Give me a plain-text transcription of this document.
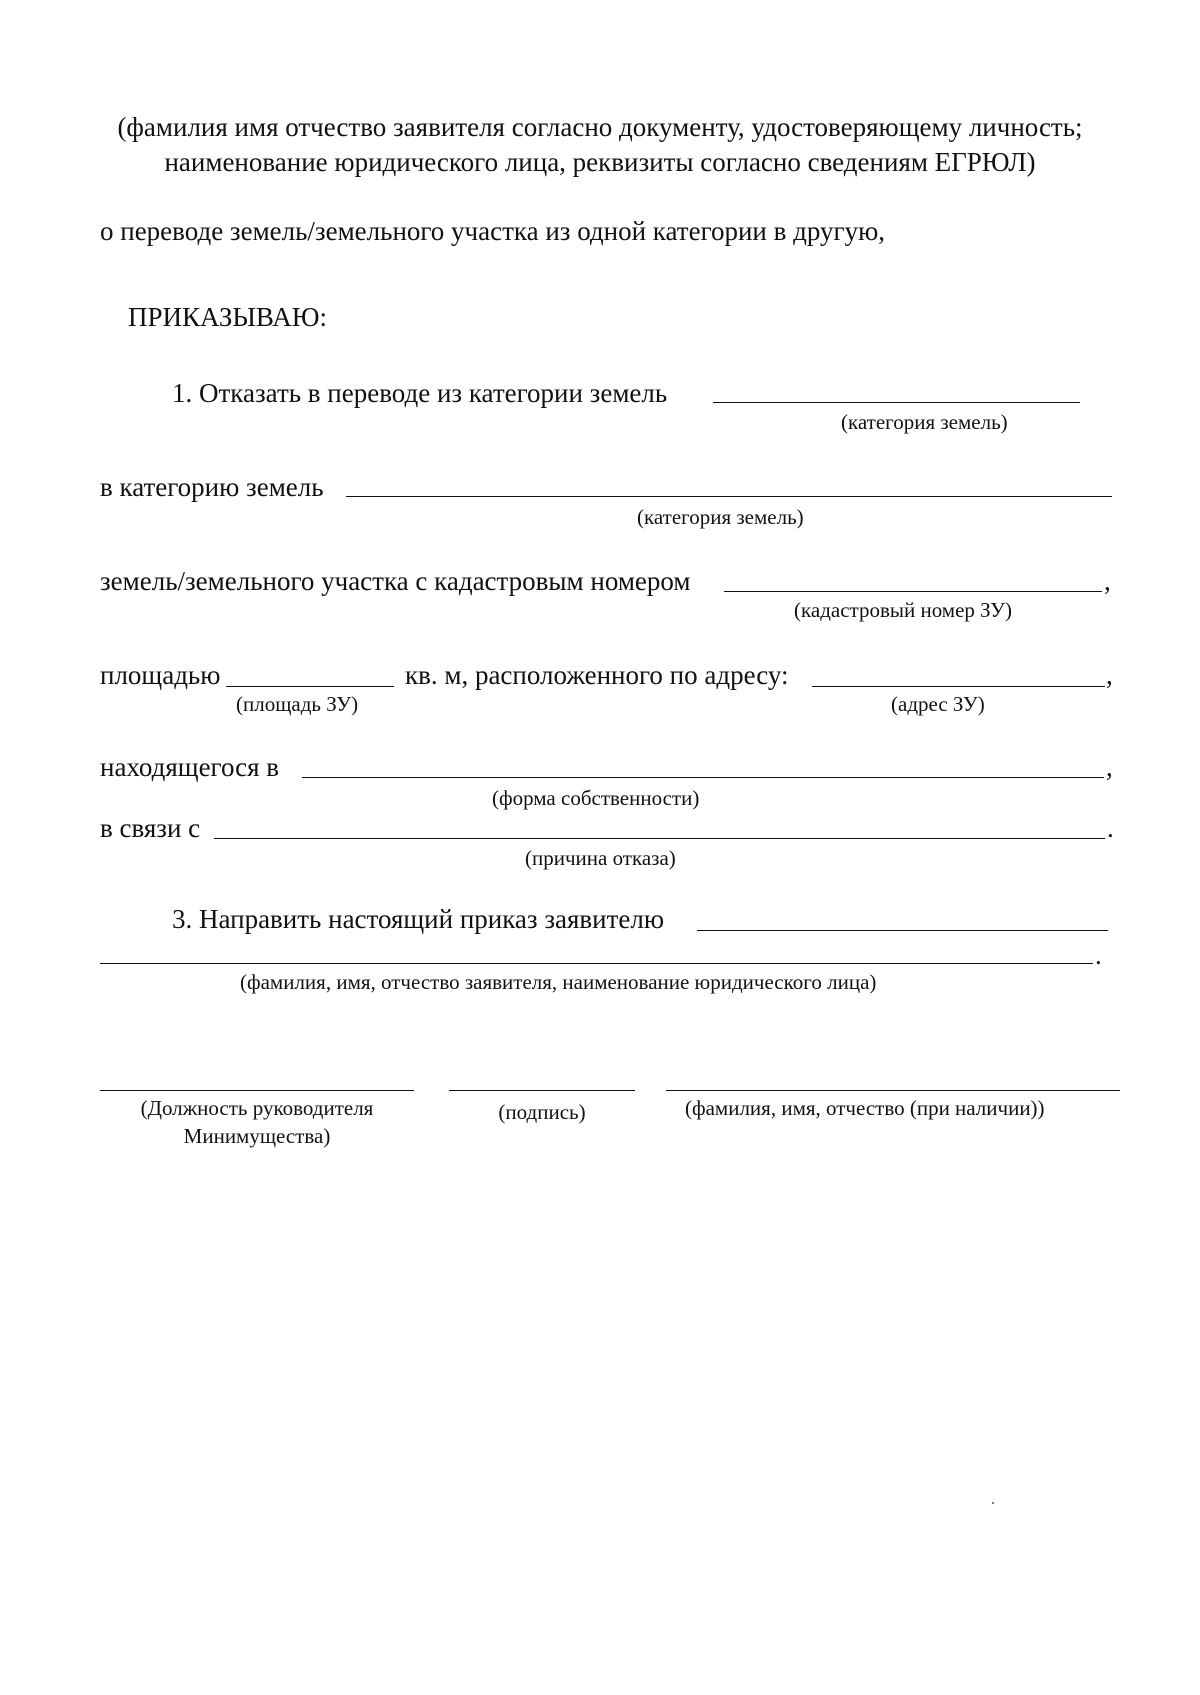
(фамилия имя отчество заявителя согласно документу, удостоверяющему личность;
наименование юридического лица, реквизиты согласно сведениям ЕГРЮЛ)
о переводе земель/земельного участка из одной категории в другую,
ПРИКАЗЫВАЮ:
1. Отказать в переводе из категории земель
(категория земель)
в категорию земель
(категория земель)
земель/земельного участка с кадастровым номером	,
(кадастровый номер ЗУ)
площадью	кв. м, расположенного по адресу:	,
(площадь ЗУ)	(адрес ЗУ)
находящегося в	,
(форма собственности)
в связи с	.
(причина отказа)
3. Направить настоящий приказ заявителю
.
(фамилия, имя, отчество заявителя, наименование юридического лица)
(Должность руководителя
Минимущества)
(подпись)	(фамилия, имя, отчество (при наличии))
